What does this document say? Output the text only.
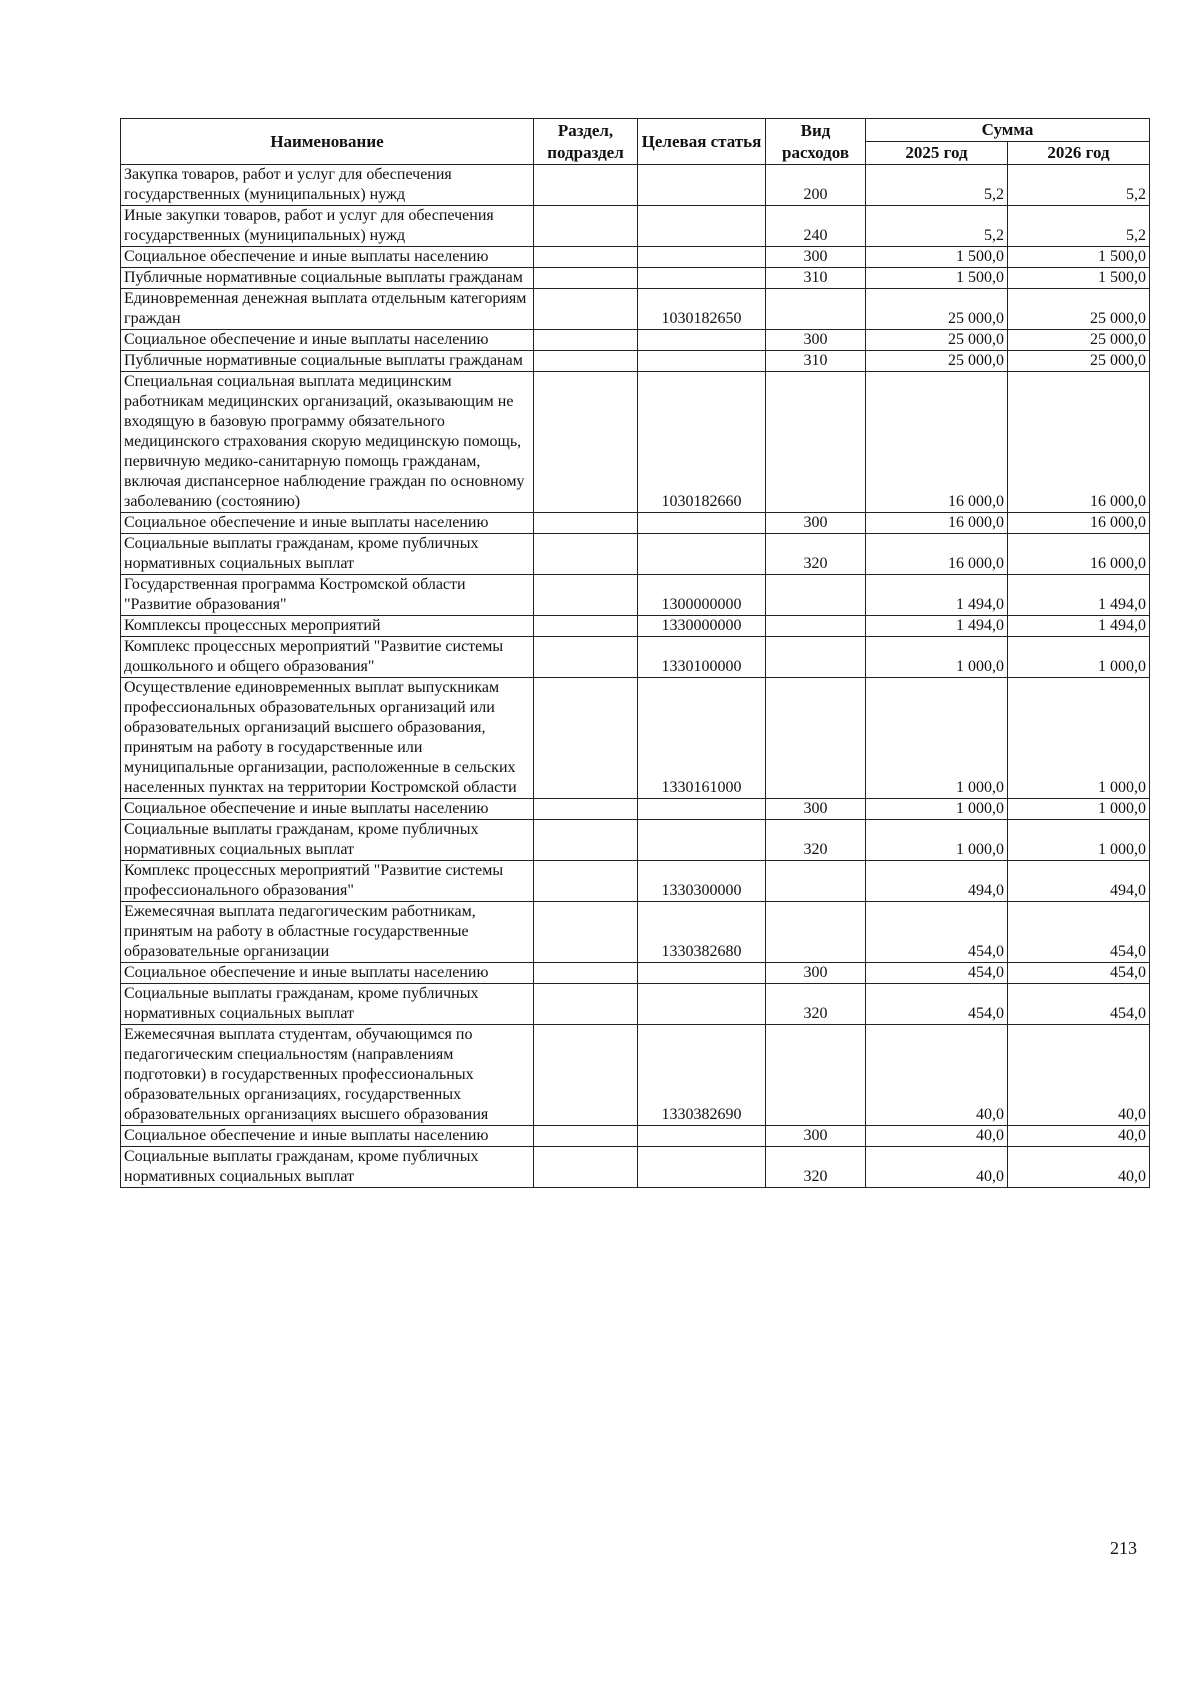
Наименование	Раздел, подраздел	Целевая статья	Вид расходов	Сумма	
				2025 год	2026 год
Закупка товаров, работ и услуг для обеспечения государственных (муниципальных) нужд			200	5,2	5,2
Иные закупки товаров, работ и услуг для обеспечения государственных (муниципальных) нужд			240	5,2	5,2
Социальное обеспечение и иные выплаты населению			300	1 500,0	1 500,0
Публичные нормативные социальные выплаты гражданам			310	1 500,0	1 500,0
Единовременная денежная выплата отдельным категориям граждан		1030182650		25 000,0	25 000,0
Социальное обеспечение и иные выплаты населению			300	25 000,0	25 000,0
Публичные нормативные социальные выплаты гражданам			310	25 000,0	25 000,0
Специальная социальная выплата медицинским работникам медицинских организаций, оказывающим не входящую в базовую программу обязательного медицинского страхования скорую медицинскую помощь, первичную медико-санитарную помощь гражданам, включая диспансерное наблюдение граждан по основному заболеванию (состоянию)		1030182660		16 000,0	16 000,0
Социальное обеспечение и иные выплаты населению			300	16 000,0	16 000,0
Социальные выплаты гражданам, кроме публичных нормативных социальных выплат			320	16 000,0	16 000,0
Государственная программа Костромской области "Развитие образования"		1300000000		1 494,0	1 494,0
Комплексы процессных мероприятий		1330000000		1 494,0	1 494,0
Комплекс процессных мероприятий "Развитие системы дошкольного и общего образования"		1330100000		1 000,0	1 000,0
Осуществление единовременных выплат выпускникам профессиональных образовательных организаций или образовательных организаций высшего образования, принятым на работу в государственные или муниципальные организации, расположенные в сельских населенных пунктах на территории Костромской области		1330161000		1 000,0	1 000,0
Социальное обеспечение и иные выплаты населению			300	1 000,0	1 000,0
Социальные выплаты гражданам, кроме публичных нормативных социальных выплат			320	1 000,0	1 000,0
Комплекс процессных мероприятий "Развитие системы профессионального образования"		1330300000		494,0	494,0
Ежемесячная выплата педагогическим работникам, принятым на работу в областные государственные образовательные организации		1330382680		454,0	454,0
Социальное обеспечение и иные выплаты населению			300	454,0	454,0
Социальные выплаты гражданам, кроме публичных нормативных социальных выплат			320	454,0	454,0
Ежемесячная выплата студентам, обучающимся по педагогическим специальностям (направлениям подготовки) в государственных профессиональных образовательных организациях, государственных образовательных организациях высшего образования		1330382690		40,0	40,0
Социальное обеспечение и иные выплаты населению			300	40,0	40,0
Социальные выплаты гражданам, кроме публичных нормативных социальных выплат			320	40,0	40,0
213
